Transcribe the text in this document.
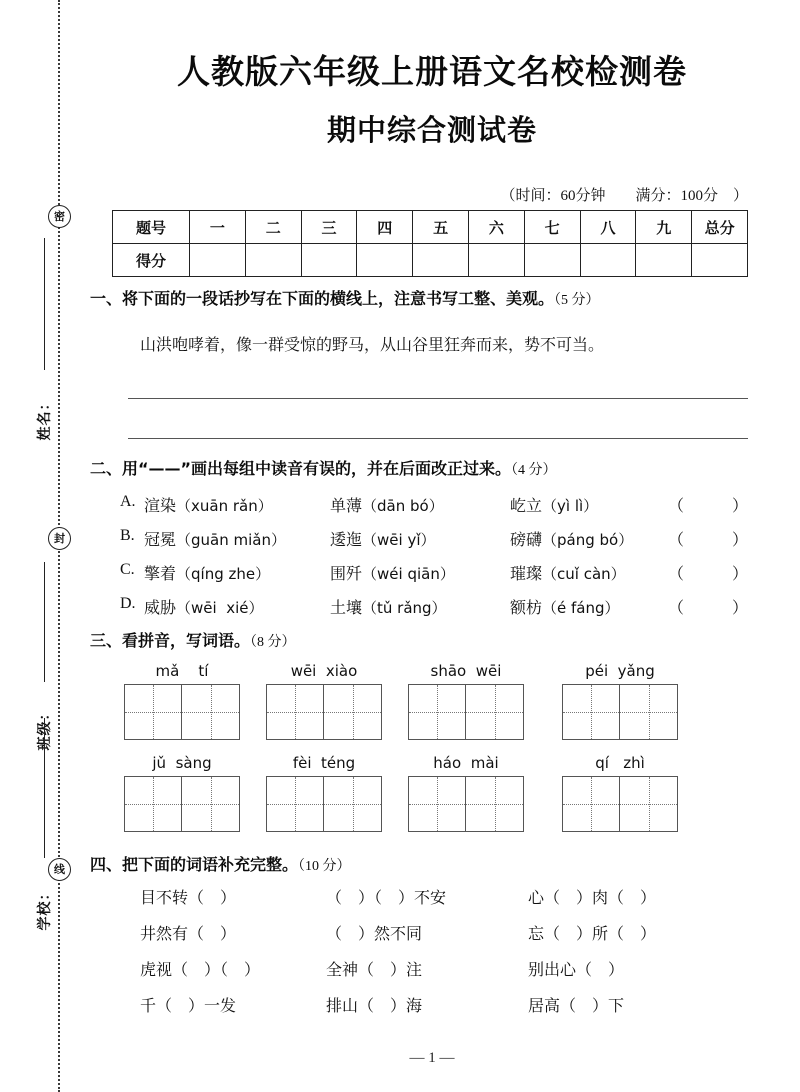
密
封
线
姓名：
班级：
学校：
人教版六年级上册语文名校检测卷
期中综合测试卷
（时间：60分钟　　满分：100分　）
题号	一	二	三	四	五	六	七	八	九	总分
得分										
一、将下面的一段话抄写在下面的横线上，注意书写工整、美观。（5 分）
山洪咆哮着，像一群受惊的野马，从山谷里狂奔而来，势不可当。
二、用“——”画出每组中读音有误的，并在后面改正过来。（4 分）
A. 渲染（xuān rǎn）	单薄（dān bó）	屹立（yì lì）	（            ）
B. 冠冕（guān miǎn）	逶迤（wēi yǐ）	磅礴（páng bó） （            ）
C. 擎着（qíng zhe）	围歼（wéi qiān）	璀璨（cuǐ càn）	（            ）
D. 威胁（wēi  xié）	土壤（tǔ rǎng）	额枋（é fáng）	（            ）
三、看拼音，写词语。（8 分）
mǎ    tí	wēi  xiào	shāo  wēi	péi  yǎng
jǔ  sàng	fèi  téng	háo  mài	qí   zhì
四、把下面的词语补充完整。（10 分）
目不转（    ）	（    ）（    ）不安	心（    ）肉（    ）
井然有（    ）	（    ）然不同	忘（    ）所（    ）
虎视（    ）（    ）	全神（    ）注	别出心（    ）
千（    ）一发	排山（    ）海	居高（    ）下
— 1 —
